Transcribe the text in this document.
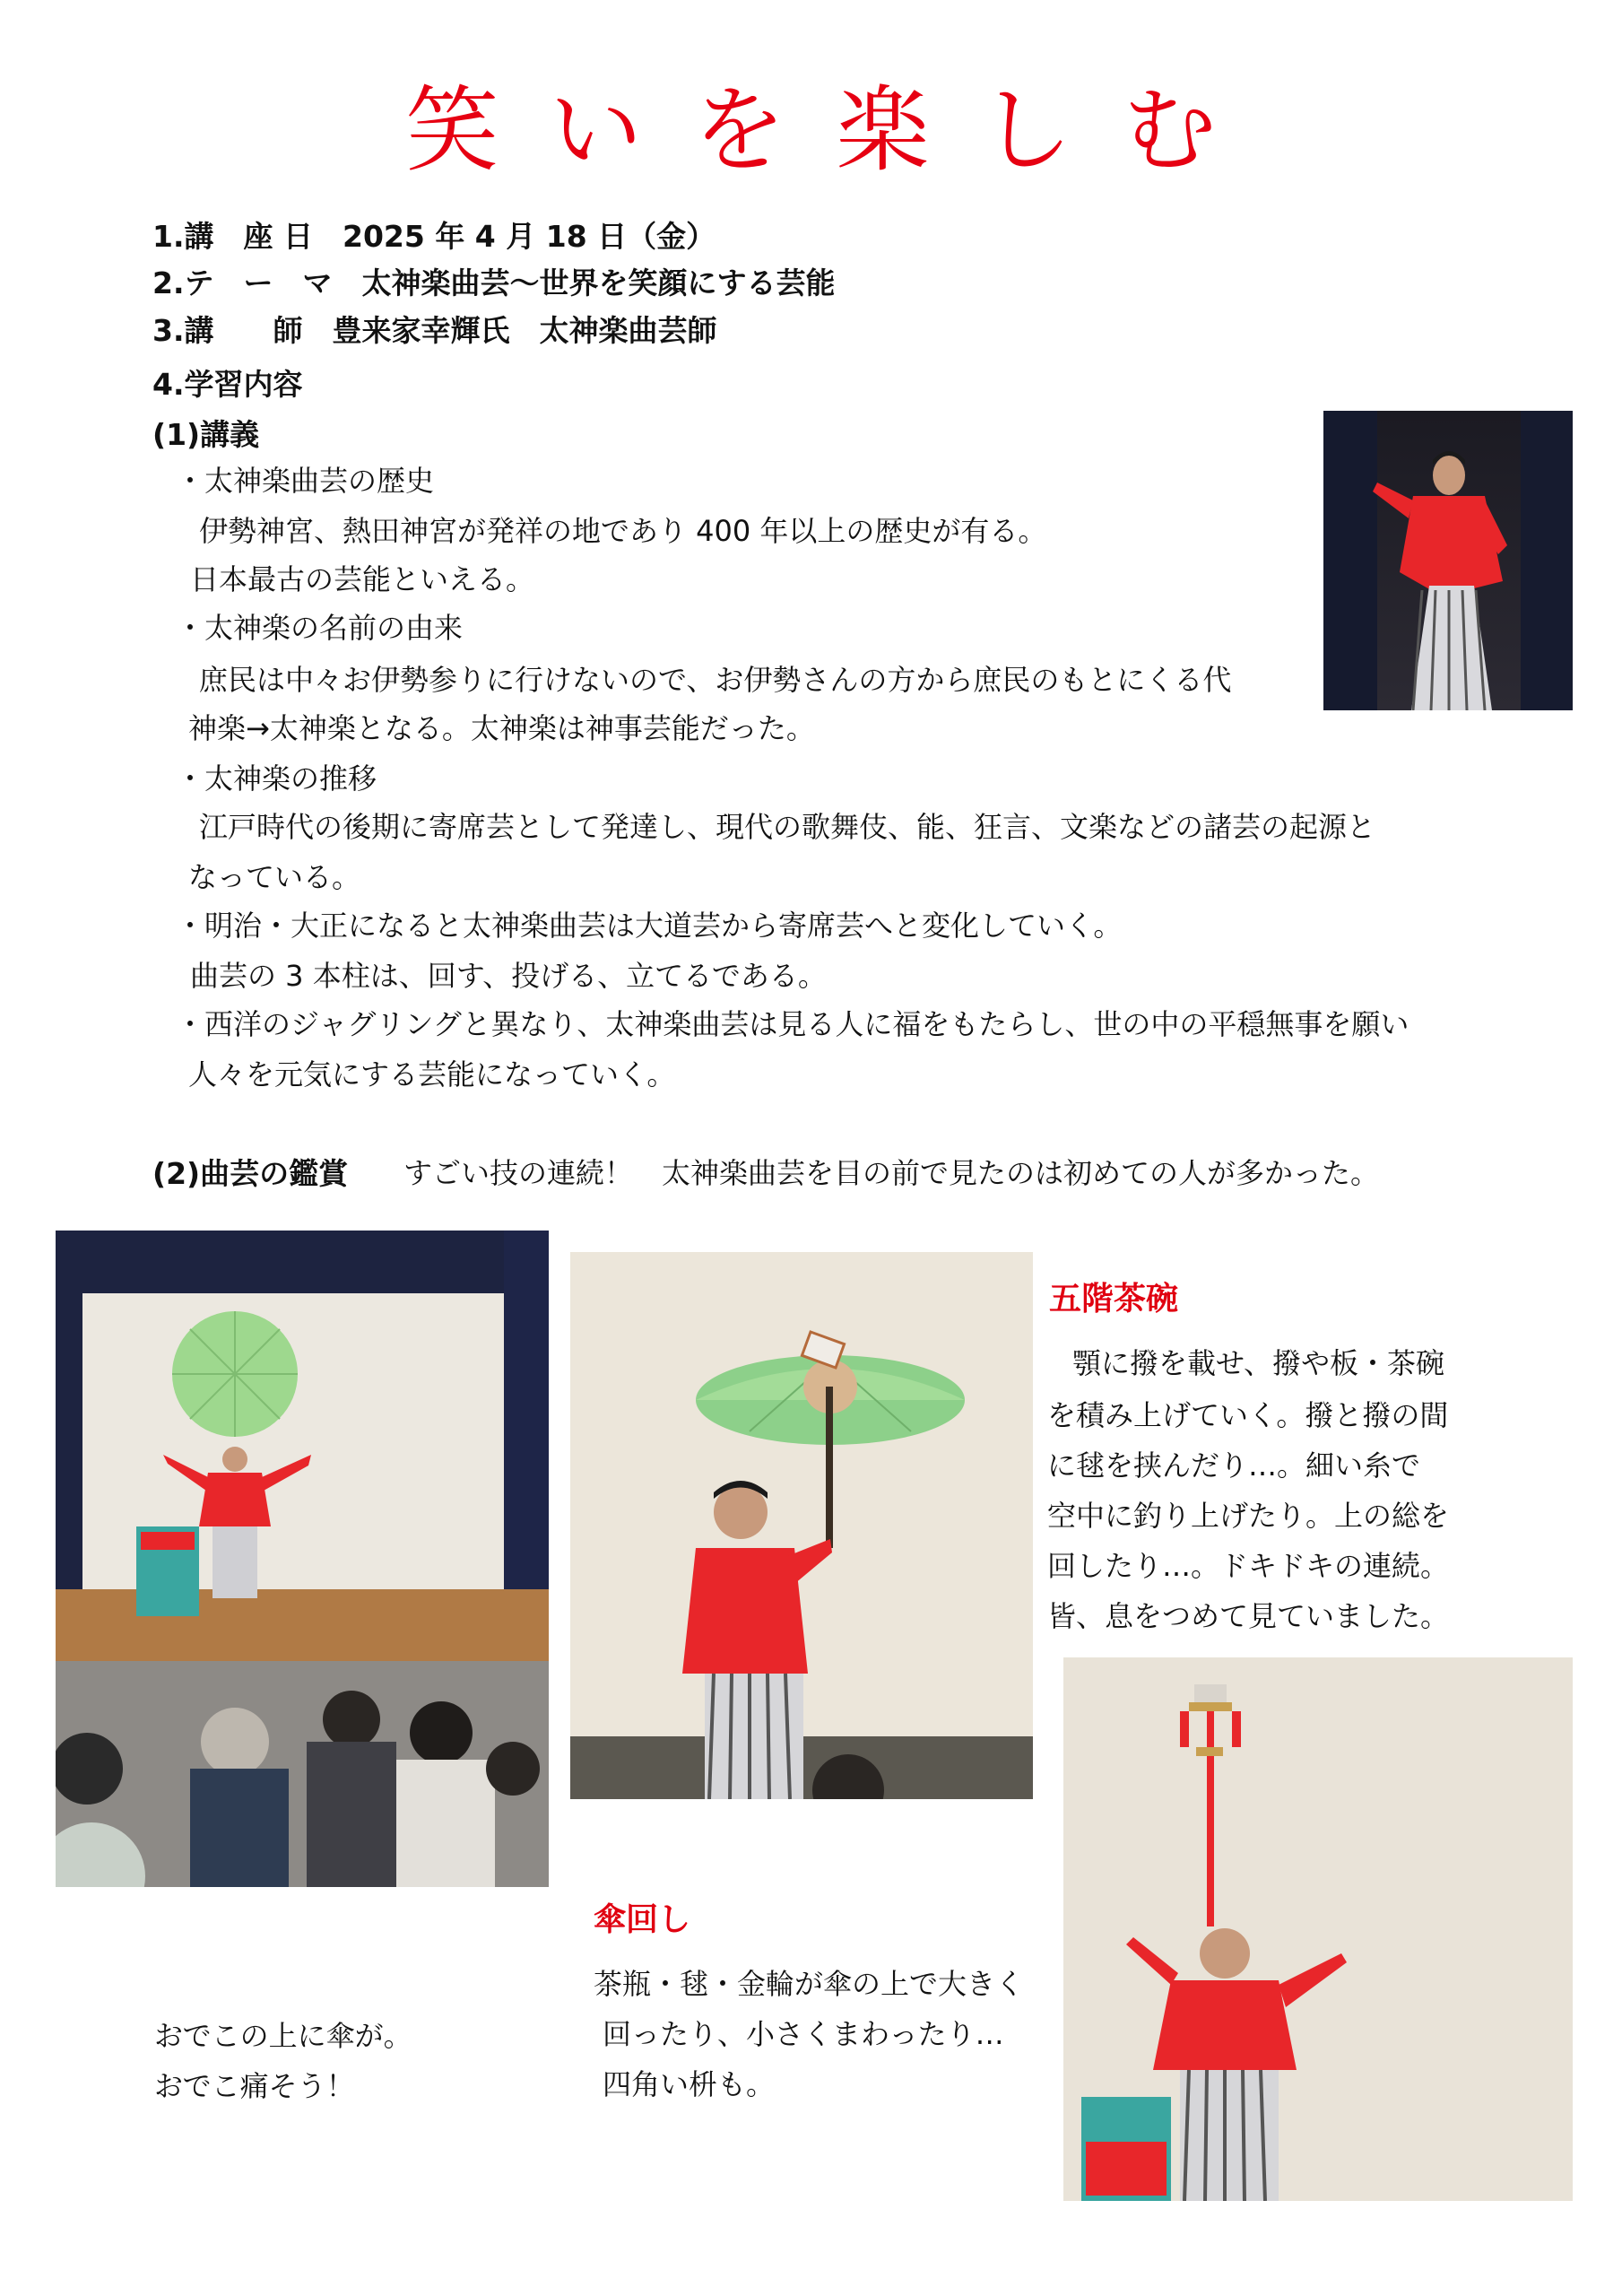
笑いを楽しむ
1.講　座 日　2025 年 4 月 18 日（金）
2.テ　ー　マ　太神楽曲芸～世界を笑顔にする芸能
3.講　　師　豊来家幸輝氏　太神楽曲芸師
4.学習内容
(1)講義
・太神楽曲芸の歴史
伊勢神宮、熱田神宮が発祥の地であり 400 年以上の歴史が有る。
日本最古の芸能といえる。
・太神楽の名前の由来
庶民は中々お伊勢参りに行けないので、お伊勢さんの方から庶民のもとにくる代
神楽→太神楽となる。太神楽は神事芸能だった。
・太神楽の推移
江戸時代の後期に寄席芸として発達し、現代の歌舞伎、能、狂言、文楽などの諸芸の起源と
なっている。
・明治・大正になると太神楽曲芸は大道芸から寄席芸へと変化していく。
曲芸の 3 本柱は、回す、投げる、立てるである。
・西洋のジャグリングと異なり、太神楽曲芸は見る人に福をもたらし、世の中の平穏無事を願い
人々を元気にする芸能になっていく。
(2)曲芸の鑑賞 すごい技の連続！　太神楽曲芸を目の前で見たのは初めての人が多かった。
五階茶碗
顎に撥を載せ、撥や板・茶碗
を積み上げていく。撥と撥の間
に毬を挟んだり…。細い糸で
空中に釣り上げたり。上の総を
回したり…。ドキドキの連続。
皆、息をつめて見ていました。
傘回し
茶瓶・毬・金輪が傘の上で大きく
回ったり、小さくまわったり…
四角い枡も。
おでこの上に傘が。
おでこ痛そう！
